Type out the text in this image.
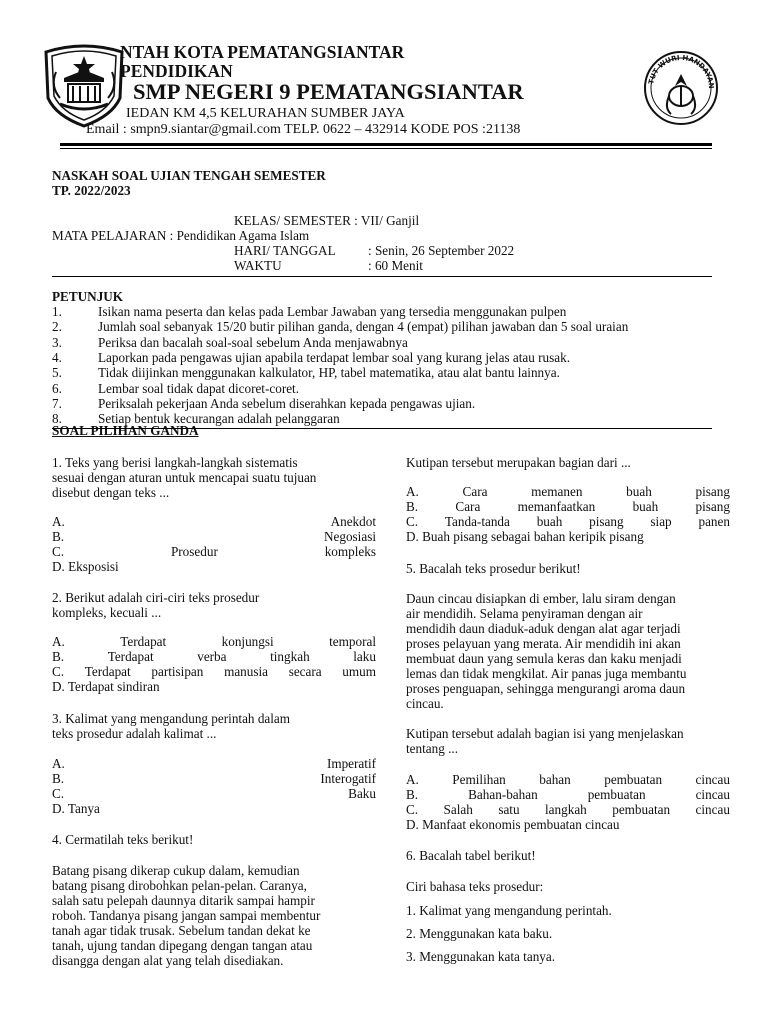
NTAH KOTA PEMATANGSIANTAR
PENDIDIKAN
SMP NEGERI 9 PEMATANGSIANTAR
IEDAN KM 4,5 KELURAHAN SUMBER JAYA
Email : smpn9.siantar@gmail.com TELP. 0622 – 432914 KODE POS :21138
TUT WURI HANDAYAN
NASKAH SOAL UJIAN TENGAH SEMESTER
TP. 2022/2023
KELAS/ SEMESTER : VII/ Ganjil
MATA PELAJARAN : Pendidikan Agama Islam
HARI/ TANGGAL : Senin, 26 September 2022
WAKTU	: 60 Menit
PETUNJUK
1.	Isikan nama peserta dan kelas pada Lembar Jawaban yang tersedia menggunakan pulpen
2.	Jumlah soal sebanyak 15/20 butir pilihan ganda, dengan 4 (empat) pilihan jawaban dan 5 soal uraian
3.	Periksa dan bacalah soal-soal sebelum Anda menjawabnya
4.	Laporkan pada pengawas ujian apabila terdapat lembar soal yang kurang jelas atau rusak.
5.	Tidak diijinkan menggunakan kalkulator, HP, tabel matematika, atau alat bantu lainnya.
6.	Lembar soal tidak dapat dicoret-coret.
7.	Periksalah pekerjaan Anda sebelum diserahkan kepada pengawas ujian.
8.	Setiap bentuk kecurangan adalah pelanggaran
SOAL PILIHAN GANDA
1. Teks yang berisi langkah-langkah sistematis
sesuai dengan aturan untuk mencapai suatu tujuan
disebut dengan teks ...
A.	Anekdot
B.	Negosiasi
C.	Prosedur	kompleks
D. Eksposisi
2. Berikut adalah ciri-ciri teks prosedur
kompleks, kecuali ...
A.	Terdapat	konjungsi	temporal
B.	Terdapat	verba	tingkah	laku
C. Terdapat partisipan manusia secara umum
D. Terdapat sindiran
3. Kalimat yang mengandung perintah dalam
teks prosedur adalah kalimat ...
A.	Imperatif
B.	Interogatif
C.	Baku
D. Tanya
4. Cermatilah teks berikut!
Batang pisang dikerap cukup dalam, kemudian
batang pisang dirobohkan pelan-pelan. Caranya,
salah satu pelepah daunnya ditarik sampai hampir
roboh. Tandanya pisang jangan sampai membentur
tanah agar tidak trusak. Sebelum tandan dekat ke
tanah, ujung tandan dipegang dengan tangan atau
disangga dengan alat yang telah disediakan.
Kutipan tersebut merupakan bagian dari ...
A.	Cara	memanen	buah	pisang
B.	Cara	memanfaatkan	buah	pisang
C. Tanda-tanda buah pisang siap panen
D. Buah pisang sebagai bahan keripik pisang
5. Bacalah teks prosedur berikut!
Daun cincau disiapkan di ember, lalu siram dengan
air mendidih. Selama penyiraman dengan air
mendidih daun diaduk-aduk dengan alat agar terjadi
proses pelayuan yang merata. Air mendidih ini akan
membuat daun yang semula keras dan kaku menjadi
lemas dan tidak mengkilat. Air panas juga membantu
proses penguapan, sehingga mengurangi aroma daun
cincau.
Kutipan tersebut adalah bagian isi yang menjelaskan
tentang ...
A.	Pemilihan	bahan	pembuatan	cincau
B.	Bahan-bahan	pembuatan	cincau
C. Salah satu langkah pembuatan cincau
D. Manfaat ekonomis pembuatan cincau
6. Bacalah tabel berikut!
Ciri bahasa teks prosedur:
1. Kalimat yang mengandung perintah.
2. Menggunakan kata baku.
3. Menggunakan kata tanya.
